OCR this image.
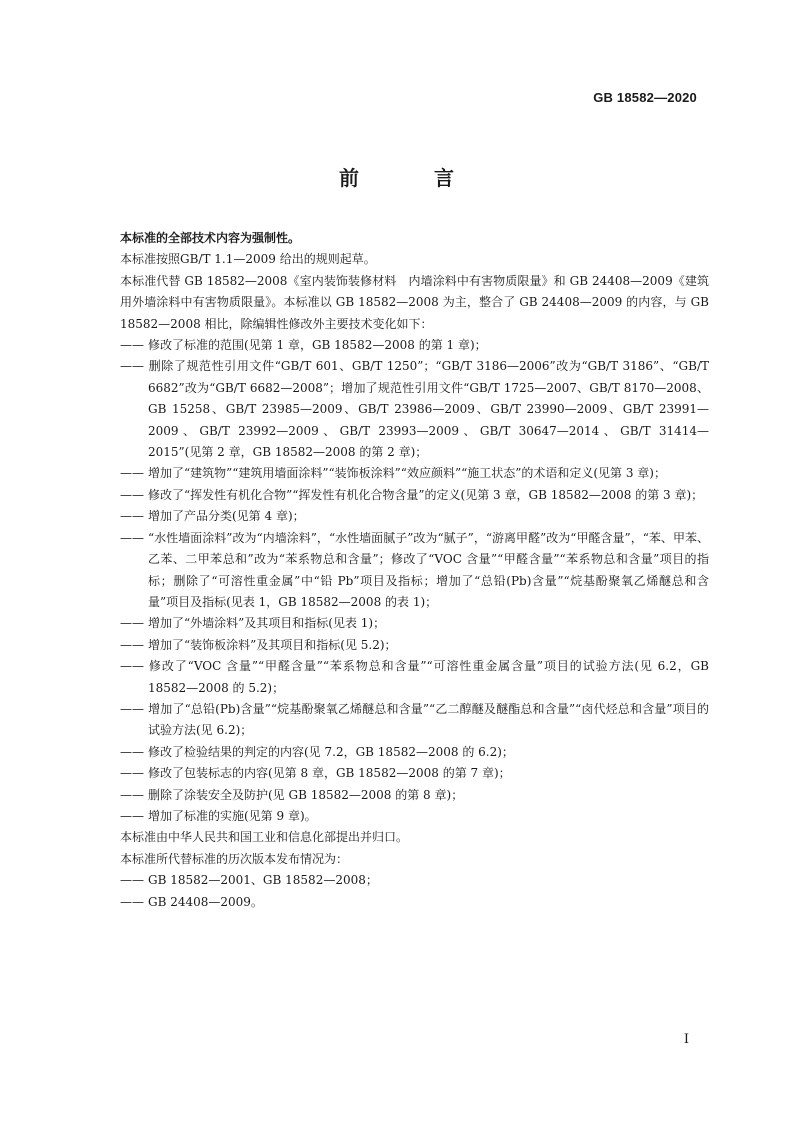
GB 18582—2020
前 言

本标准的全部技术内容为强制性。

本标准按照GB/T 1.1—2009 给出的规则起草。

本标准代替 GB 18582—2008《室内装饰装修材料　内墙涂料中有害物质限量》和 GB 24408—2009《建筑用外墙涂料中有害物质限量》。本标准以 GB 18582—2008 为主，整合了 GB 24408—2009 的内容，与 GB 18582—2008 相比，除编辑性修改外主要技术变化如下：

—— 修改了标准的范围(见第 1 章，GB 18582—2008 的第 1 章)；

—— 删除了规范性引用文件“GB/T 601、GB/T 1250”；“GB/T 3186—2006”改为“GB/T 3186”、“GB/T 6682”改为“GB/T 6682—2008”；增加了规范性引用文件“GB/T 1725—2007、GB/T 8170—2008、GB 15258、GB/T 23985—2009、GB/T 23986—2009、GB/T 23990—2009、GB/T 23991—2009、GB/T 23992—2009、GB/T 23993—2009、GB/T 30647—2014、GB/T 31414—2015”(见第 2 章，GB 18582—2008 的第 2 章)；

—— 增加了“建筑物”“建筑用墙面涂料”“装饰板涂料”“效应颜料”“施工状态”的术语和定义(见第 3 章)；

—— 修改了“挥发性有机化合物”“挥发性有机化合物含量”的定义(见第 3 章，GB 18582—2008 的第 3 章)；

—— 增加了产品分类(见第 4 章)；

—— “水性墙面涂料”改为“内墙涂料”，“水性墙面腻子”改为“腻子”，“游离甲醛”改为“甲醛含量”，“苯、甲苯、乙苯、二甲苯总和”改为“苯系物总和含量”；修改了“VOC 含量”“甲醛含量”“苯系物总和含量”项目的指标；删除了“可溶性重金属”中“铅 Pb”项目及指标；增加了“总铅(Pb)含量”“烷基酚聚氧乙烯醚总和含量”项目及指标(见表 1，GB 18582—2008 的表 1)；

—— 增加了“外墙涂料”及其项目和指标(见表 1)；

—— 增加了“装饰板涂料”及其项目和指标(见 5.2)；

—— 修改了“VOC 含量”“甲醛含量”“苯系物总和含量”“可溶性重金属含量”项目的试验方法(见 6.2，GB 18582—2008 的 5.2)；

—— 增加了“总铅(Pb)含量”“烷基酚聚氧乙烯醚总和含量”“乙二醇醚及醚酯总和含量”“卤代烃总和含量”项目的试验方法(见 6.2)；

—— 修改了检验结果的判定的内容(见 7.2，GB 18582—2008 的 6.2)；

—— 修改了包装标志的内容(见第 8 章，GB 18582—2008 的第 7 章)；

—— 删除了涂装安全及防护(见 GB 18582—2008 的第 8 章)；

—— 增加了标准的实施(见第 9 章)。

本标准由中华人民共和国工业和信息化部提出并归口。

本标准所代替标准的历次版本发布情况为：

—— GB 18582—2001、GB 18582—2008；

—— GB 24408—2009。

I
